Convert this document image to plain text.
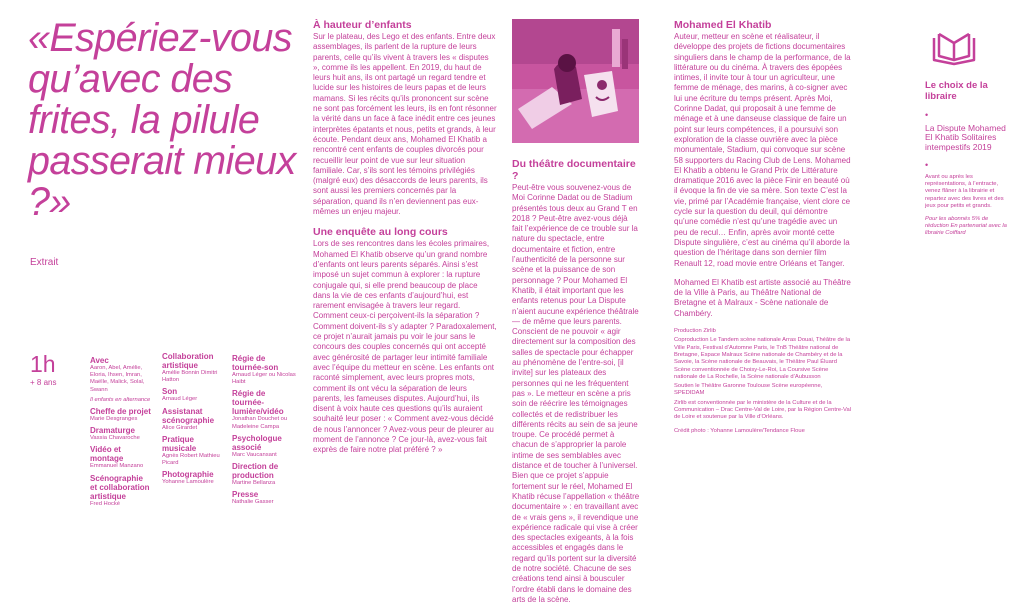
«Espériez-vous qu’avec des frites, la pilule passerait mieux ?»
Extrait
1h
+ 8 ans
Avec

Aaron, Abel, Amélie, Eloria, Ihsen, Imran, Maëlle, Malick, Solal, Swann

Il enfants en alternance

Cheffe de projet

Marie Desgranges

Dramaturge

Vassia Chavaroche

Vidéo et montage

Emmanuel Manzano

Scénographie et collaboration artistique

Fred Hocké

Collaboration artistique

Amélie Bonnin Dimitri Hatton

Son

Arnaud Léger

Assistanat scénographie

Alice Girardet

Pratique musicale

Agnès Robert Mathieu Picard

Photographie

Yohanne Lamoulère

Régie de tournée-son

Arnaud Léger ou Nicolas Haibt

Régie de tournée-lumière/vidéo

Jonathan Douchet ou Madeleine Campa

Psychologue associé

Marc Vaucansant

Direction de production

Martine Bellanza

Presse

Nathalie Gasser

À hauteur d’enfants

Sur le plateau, des Lego et des enfants. Entre deux assemblages, ils parlent de la rupture de leurs parents, celle qu’ils vivent à travers les « disputes », comme ils les appellent. En 2019, du haut de leurs huit ans, ils ont partagé un regard tendre et lucide sur les histoires de leurs papas et de leurs mamans. Si les récits qu’ils prononcent sur scène ne sont pas forcément les leurs, ils en font résonner la vérité dans un face à face inédit entre ces jeunes interprètes épatants et nous, petits et grands, à leur écoute. Pendant deux ans, Mohamed El Khatib a rencontré cent enfants de couples divorcés pour recueillir leur point de vue sur leur situation familiale. Car, s’ils sont les témoins privilégiés (malgré eux) des désaccords de leurs parents, ils sont aussi les premiers concernés par la séparation, quand ils n’en deviennent pas eux-mêmes un enjeu majeur.

Une enquête au long cours

Lors de ses rencontres dans les écoles primaires, Mohamed El Khatib observe qu’un grand nombre d’enfants ont leurs parents séparés. Ainsi s’est imposé un sujet commun à explorer : la rupture conjugale qui, si elle prend beaucoup de place dans la vie de ces enfants d’aujourd’hui, est rarement envisagée à travers leur regard. Comment ceux-ci perçoivent-ils la séparation ? Comment doivent-ils s’y adapter ? Paradoxalement, ce projet n’aurait jamais pu voir le jour sans le concours des couples concernés qui ont accepté avec générosité de partager leur intimité familiale avec l’équipe du metteur en scène. Les enfants ont raconté simplement, avec leurs propres mots, comment ils ont vécu la séparation de leurs parents, les fameuses disputes. Aujourd’hui, ils disent à voix haute ces questions qu’ils auraient souhaité leur poser : « Comment avez-vous décidé de nous l’annoncer ? Avez-vous peur de pleurer au moment de l’annonce ? Ce jour-là, avez-vous fait exprès de faire notre plat préféré ? »

Du théâtre documentaire ?

Peut-être vous souvenez-vous de Moi Corinne Dadat ou de Stadium présentés tous deux au Grand T en 2018 ? Peut-être avez-vous déjà fait l’expérience de ce trouble sur la nature du spectacle, entre documentaire et fiction, entre l’authenticité de la personne sur scène et la puissance de son personnage ? Pour Mohamed El Khatib, il était important que les enfants retenus pour La Dispute n’aient aucune expérience théâtrale — de même que leurs parents. Conscient de ne pouvoir « agir directement sur la composition des salles de spectacle pour échapper au phénomène de l’entre-soi, [il invite] sur les plateaux des personnes qui ne les fréquentent pas ». Le metteur en scène a pris soin de réécrire les témoignages collectés et de redistribuer les différents récits au sein de sa jeune troupe. Ce procédé permet à chacun de s’approprier la parole intime de ses semblables avec distance et de toucher à l’universel. Bien que ce projet s’appuie fortement sur le réel, Mohamed El Khatib récuse l’appellation « théâtre documentaire » : en travaillant avec de « vrais gens », il revendique une expérience radicale qui vise à créer des spectacles exigeants, à la fois accessibles et engagés dans le regard qu’ils portent sur la diversité de notre société. Chacune de ses créations tend ainsi à bousculer l’ordre établi dans le domaine des arts de la scène.

Mohamed El Khatib

Auteur, metteur en scène et réalisateur, il développe des projets de fictions documentaires singuliers dans le champ de la performance, de la littérature ou du cinéma. À travers des épopées intimes, il invite tour à tour un agriculteur, une femme de ménage, des marins, à co-signer avec lui une écriture du temps présent. Après Moi, Corinne Dadat, qui proposait à une femme de ménage et à une danseuse classique de faire un point sur leurs compétences, il a poursuivi son exploration de la classe ouvrière avec la pièce monumentale, Stadium, qui convoque sur scène 58 supporters du Racing Club de Lens. Mohamed El Khatib a obtenu le Grand Prix de Littérature dramatique 2016 avec la pièce Finir en beauté où il évoque la fin de vie sa mère. Son texte C’est la vie, primé par l’Académie française, vient clore ce cycle sur la question du deuil, qui démontre qu’une comédie n’est qu’une tragédie avec un peu de recul… Enfin, après avoir monté cette Dispute singulière, c’est au cinéma qu’il aborde la question de l’héritage dans son dernier film Renault 12, road movie entre Orléans et Tanger.

Mohamed El Khatib est artiste associé au Théâtre de la Ville à Paris, au Théâtre National de Bretagne et à Malraux - Scène nationale de Chambéry.

Production Zirlib

Coproduction Le Tandem scène nationale Arras Douai, Théâtre de la Ville Paris, Festival d’Automne Paris, le TnB Théâtre national de Bretagne, Espace Malraux Scène nationale de Chambéry et de la Savoie, la Scène nationale de Beauvais, le Théâtre Paul Éluard Scène conventionnée de Choisy-Le-Roi, La Coursive Scène nationale de La Rochelle, la Scène nationale d’Aubusson

Soutien le Théâtre Garonne Toulouse Scène européenne, SPEDIDAM

Zirlib est conventionnée par le ministère de la Culture et de la Communication – Drac Centre-Val de Loire, par la Région Centre-Val de Loire et soutenue par la Ville d’Orléans.

Crédit photo : Yohanne Lamoulère/Tendance Floue

Le choix de la libraire

•
La Dispute Mohamed El Khatib Solitaires intempestifs 2019
•
Avant ou après les représentations, à l’entracte, venez flâner à la librairie et repartez avec des livres et des jeux pour petits et grands.
Pour les abonnés 5% de réduction En partenariat avec la librairie Coiffard
